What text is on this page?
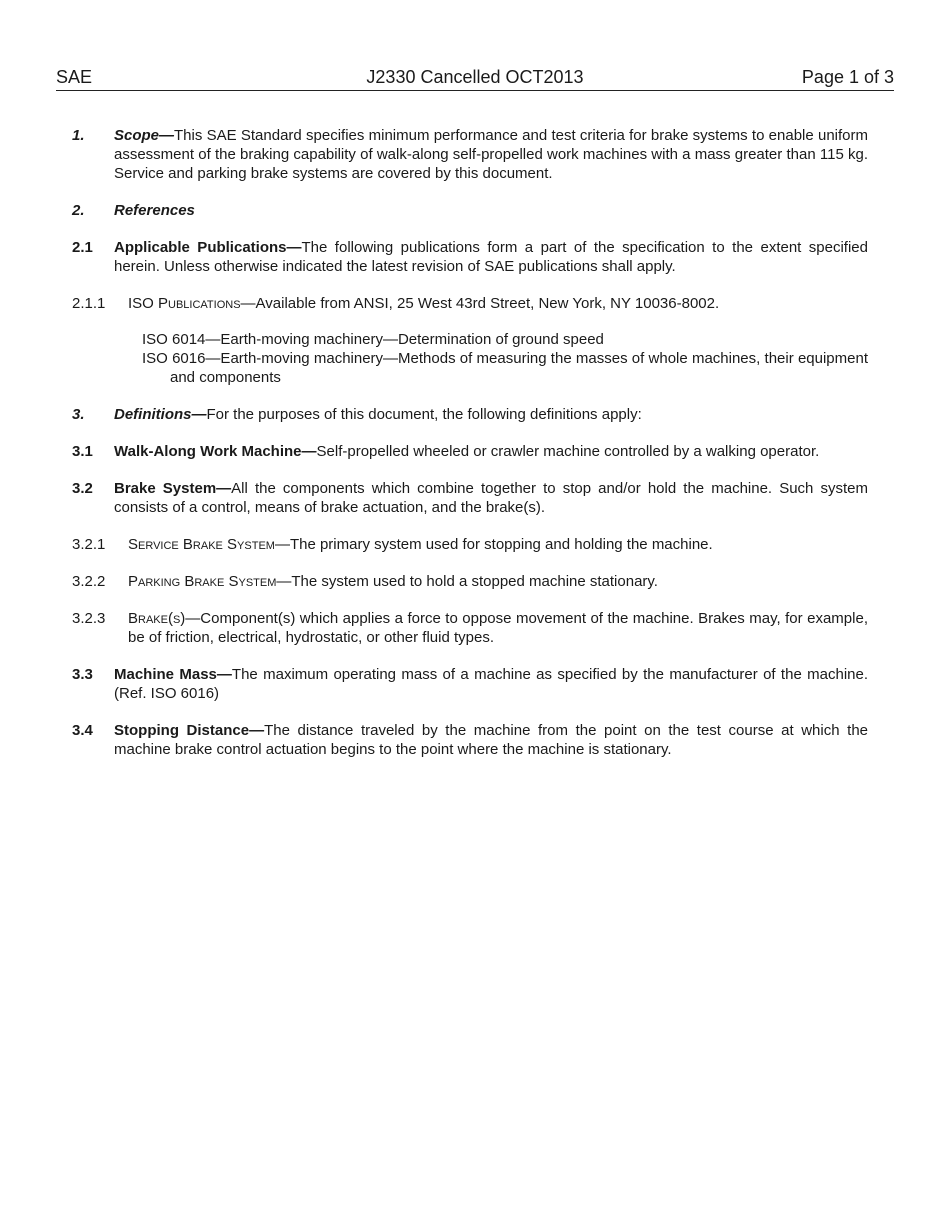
SAE	J2330 Cancelled OCT2013	Page 1 of 3
1. Scope—This SAE Standard specifies minimum performance and test criteria for brake systems to enable uniform assessment of the braking capability of walk-along self-propelled work machines with a mass greater than 115 kg. Service and parking brake systems are covered by this document.
2. References
2.1 Applicable Publications—The following publications form a part of the specification to the extent specified herein. Unless otherwise indicated the latest revision of SAE publications shall apply.
2.1.1 ISO Publications—Available from ANSI, 25 West 43rd Street, New York, NY 10036-8002.
ISO 6014—Earth-moving machinery—Determination of ground speed
ISO 6016—Earth-moving machinery—Methods of measuring the masses of whole machines, their equipment and components
3. Definitions—For the purposes of this document, the following definitions apply:
3.1 Walk-Along Work Machine—Self-propelled wheeled or crawler machine controlled by a walking operator.
3.2 Brake System—All the components which combine together to stop and/or hold the machine. Such system consists of a control, means of brake actuation, and the brake(s).
3.2.1 Service Brake System—The primary system used for stopping and holding the machine.
3.2.2 Parking Brake System—The system used to hold a stopped machine stationary.
3.2.3 Brake(s)—Component(s) which applies a force to oppose movement of the machine. Brakes may, for example, be of friction, electrical, hydrostatic, or other fluid types.
3.3 Machine Mass—The maximum operating mass of a machine as specified by the manufacturer of the machine. (Ref. ISO 6016)
3.4 Stopping Distance—The distance traveled by the machine from the point on the test course at which the machine brake control actuation begins to the point where the machine is stationary.
